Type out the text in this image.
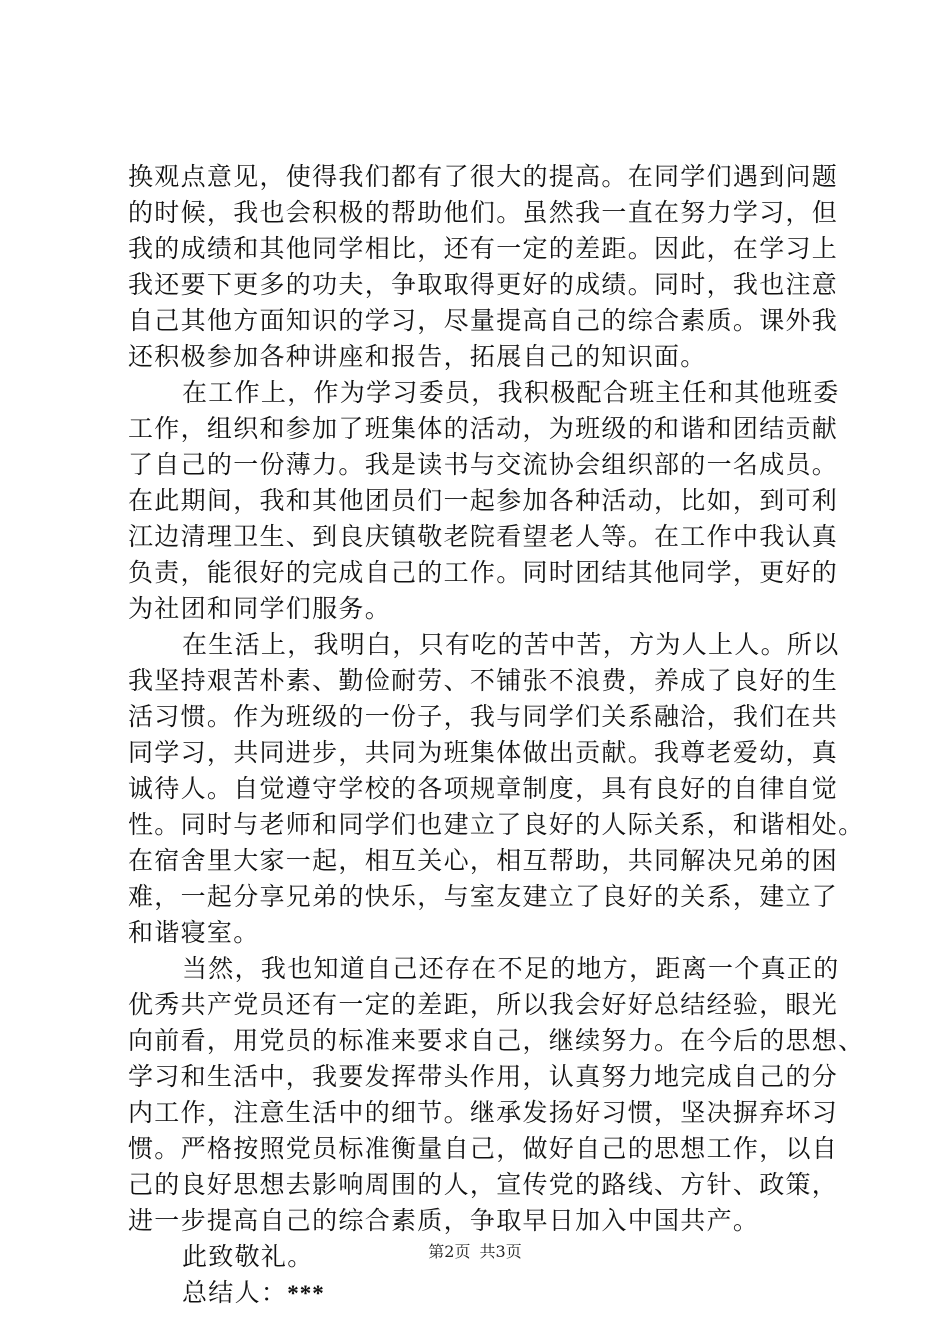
换观点意见，使得我们都有了很大的提高。在同学们遇到问题
的时候，我也会积极的帮助他们。虽然我一直在努力学习，但
我的成绩和其他同学相比，还有一定的差距。因此，在学习上
我还要下更多的功夫，争取取得更好的成绩。同时，我也注意
自己其他方面知识的学习，尽量提高自己的综合素质。课外我
还积极参加各种讲座和报告，拓展自己的知识面。
在工作上，作为学习委员，我积极配合班主任和其他班委
工作，组织和参加了班集体的活动，为班级的和谐和团结贡献
了自己的一份薄力。我是读书与交流协会组织部的一名成员。
在此期间，我和其他团员们一起参加各种活动，比如，到可利
江边清理卫生、到良庆镇敬老院看望老人等。在工作中我认真
负责，能很好的完成自己的工作。同时团结其他同学，更好的
为社团和同学们服务。
在生活上，我明白，只有吃的苦中苦，方为人上人。所以
我坚持艰苦朴素、勤俭耐劳、不铺张不浪费，养成了良好的生
活习惯。作为班级的一份子，我与同学们关系融洽，我们在共
同学习，共同进步，共同为班集体做出贡献。我尊老爱幼，真
诚待人。自觉遵守学校的各项规章制度，具有良好的自律自觉
性。同时与老师和同学们也建立了良好的人际关系，和谐相处。
在宿舍里大家一起，相互关心，相互帮助，共同解决兄弟的困
难，一起分享兄弟的快乐，与室友建立了良好的关系，建立了
和谐寝室。
当然，我也知道自己还存在不足的地方，距离一个真正的
优秀共产党员还有一定的差距，所以我会好好总结经验，眼光
向前看，用党员的标准来要求自己，继续努力。在今后的思想、
学习和生活中，我要发挥带头作用，认真努力地完成自己的分
内工作，注意生活中的细节。继承发扬好习惯，坚决摒弃坏习
惯。严格按照党员标准衡量自己，做好自己的思想工作，以自
己的良好思想去影响周围的人，宣传党的路线、方针、政策，
进一步提高自己的综合素质，争取早日加入中国共产。
此致敬礼。
总结人：***
第2页 共3页
